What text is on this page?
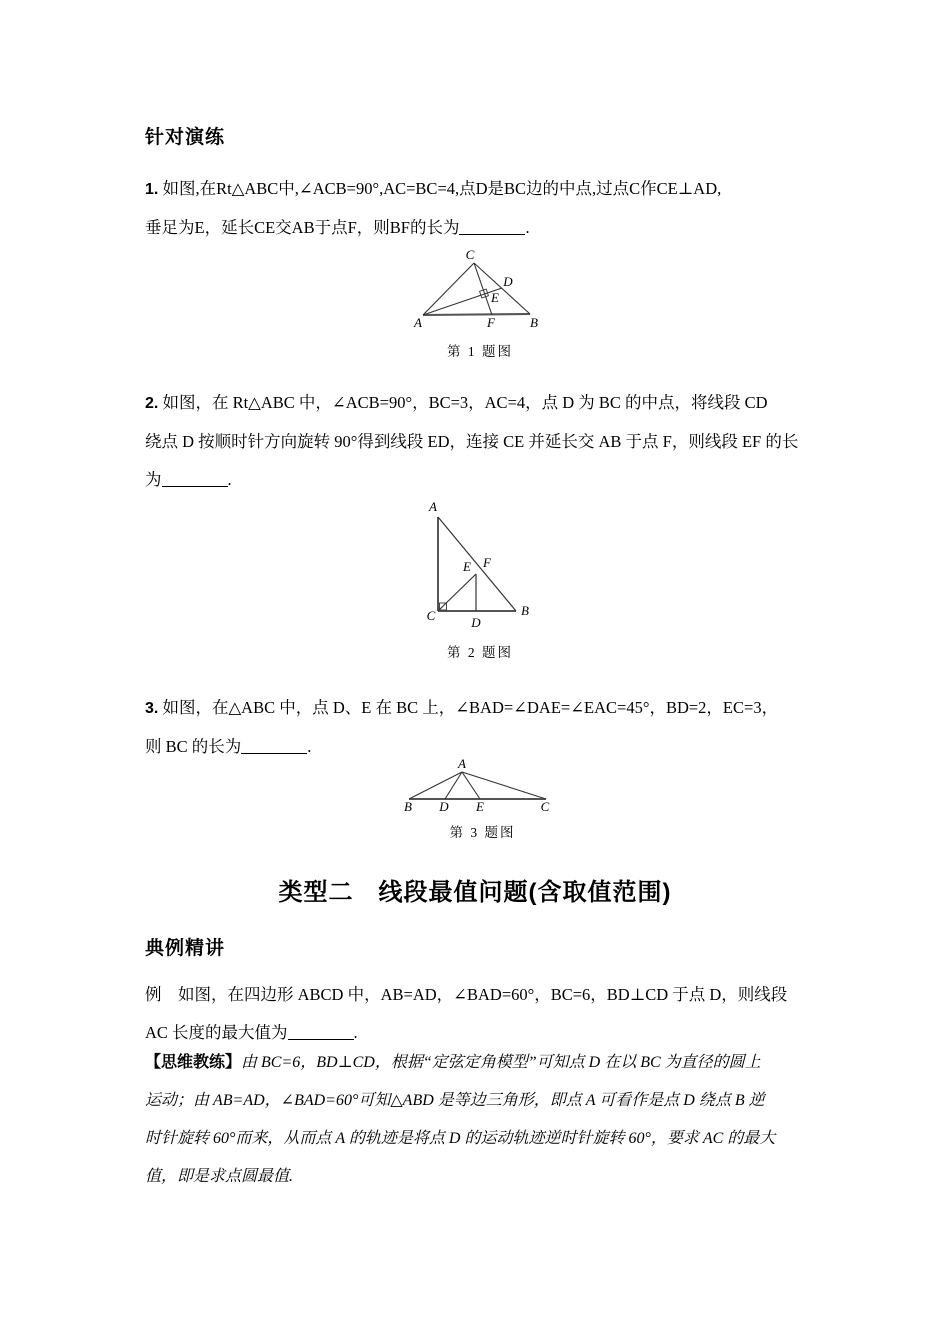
针对演练

1. 如图,在Rt△ABC中,∠ACB=90°,AC=BC=4,点D是BC边的中点,过点C作CE⊥AD,

垂足为E，延长CE交AB于点F，则BF的长为	.

C
D
E
A	F	B
第 1 题图

2. 如图，在 Rt△ABC 中，∠ACB=90°，BC=3，AC=4，点 D 为 BC 的中点，将线段 CD

绕点 D 按顺时针方向旋转 90°得到线段 ED，连接 CE 并延长交 AB 于点 F，则线段 EF 的长

为	.

A
E F
C	D
B
第 2 题图

3. 如图，在△ABC 中，点 D、E 在 BC 上，∠BAD=∠DAE=∠EAC=45°，BD=2，EC=3，

则 BC 的长为	.

A
B D E	C
第 3 题图
类型二　线段最值问题(含取值范围)
典例精讲

例　 如图，在四边形 ABCD 中，AB=AD，∠BAD=60°，BC=6，BD⊥CD 于点 D，则线段

AC 长度的最大值为	.

【思维教练】由 BC=6，BD⊥CD，根据“定弦定角模型”可知点 D 在以 BC 为直径的圆上

运动；由 AB=AD，∠BAD=60°可知△ABD 是等边三角形，即点 A 可看作是点 D 绕点 B 逆

时针旋转 60°而来，从而点 A 的轨迹是将点 D 的运动轨迹逆时针旋转 60°，要求 AC 的最大

值，即是求点圆最值.
